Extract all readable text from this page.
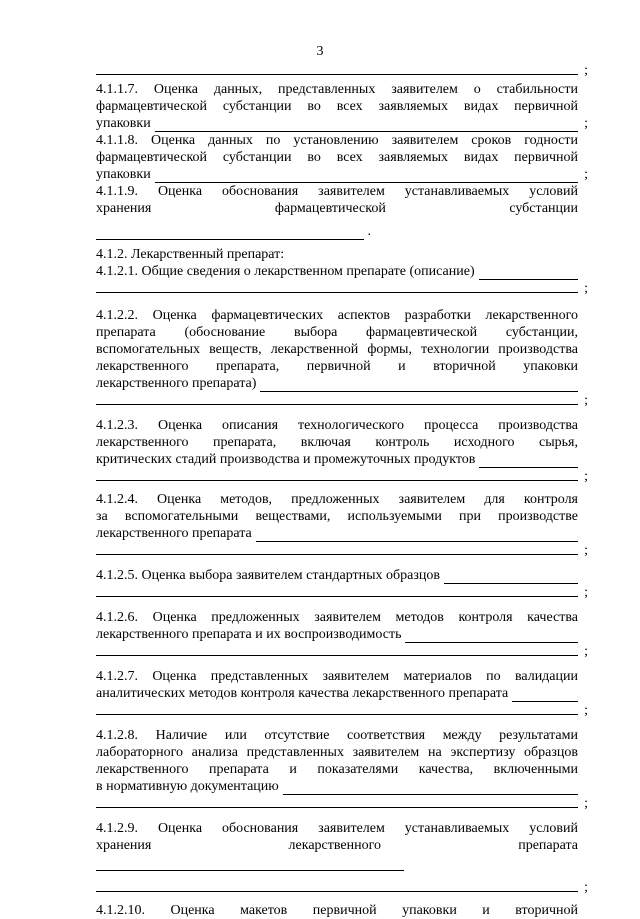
3
;
4.1.1.7. Оценка данных, представленных заявителем о стабильности
фармацевтической субстанции во всех заявляемых видах первичной
упаковки	;
4.1.1.8. Оценка данных по установлению заявителем сроков годности
фармацевтической субстанции во всех заявляемых видах первичной
упаковки	;
4.1.1.9. Оценка обоснования заявителем устанавливаемых условий
хранения фармацевтической субстанции
.
4.1.2. Лекарственный препарат:
4.1.2.1. Общие сведения о лекарственном препарате (описание)
;
4.1.2.2. Оценка фармацевтических аспектов разработки лекарственного
препарата (обоснование выбора фармацевтической субстанции,
вспомогательных веществ, лекарственной формы, технологии производства
лекарственного препарата, первичной и вторичной упаковки
лекарственного препарата)
;
4.1.2.3. Оценка описания технологического процесса производства
лекарственного препарата, включая контроль исходного сырья,
критических стадий производства и промежуточных продуктов
;
4.1.2.4. Оценка методов, предложенных заявителем для контроля
за вспомогательными веществами, используемыми при производстве
лекарственного препарата
;
4.1.2.5. Оценка выбора заявителем стандартных образцов
;
4.1.2.6. Оценка предложенных заявителем методов контроля качества
лекарственного препарата и их воспроизводимость
;
4.1.2.7. Оценка представленных заявителем материалов по валидации
аналитических методов контроля качества лекарственного препарата
;
4.1.2.8. Наличие или отсутствие соответствия между результатами
лабораторного анализа представленных заявителем на экспертизу образцов
лекарственного препарата и показателями качества, включенными
в нормативную документацию
;
4.1.2.9. Оценка обоснования заявителем устанавливаемых условий
хранения лекарственного препарата
;
4.1.2.10. Оценка макетов первичной упаковки и вторичной
